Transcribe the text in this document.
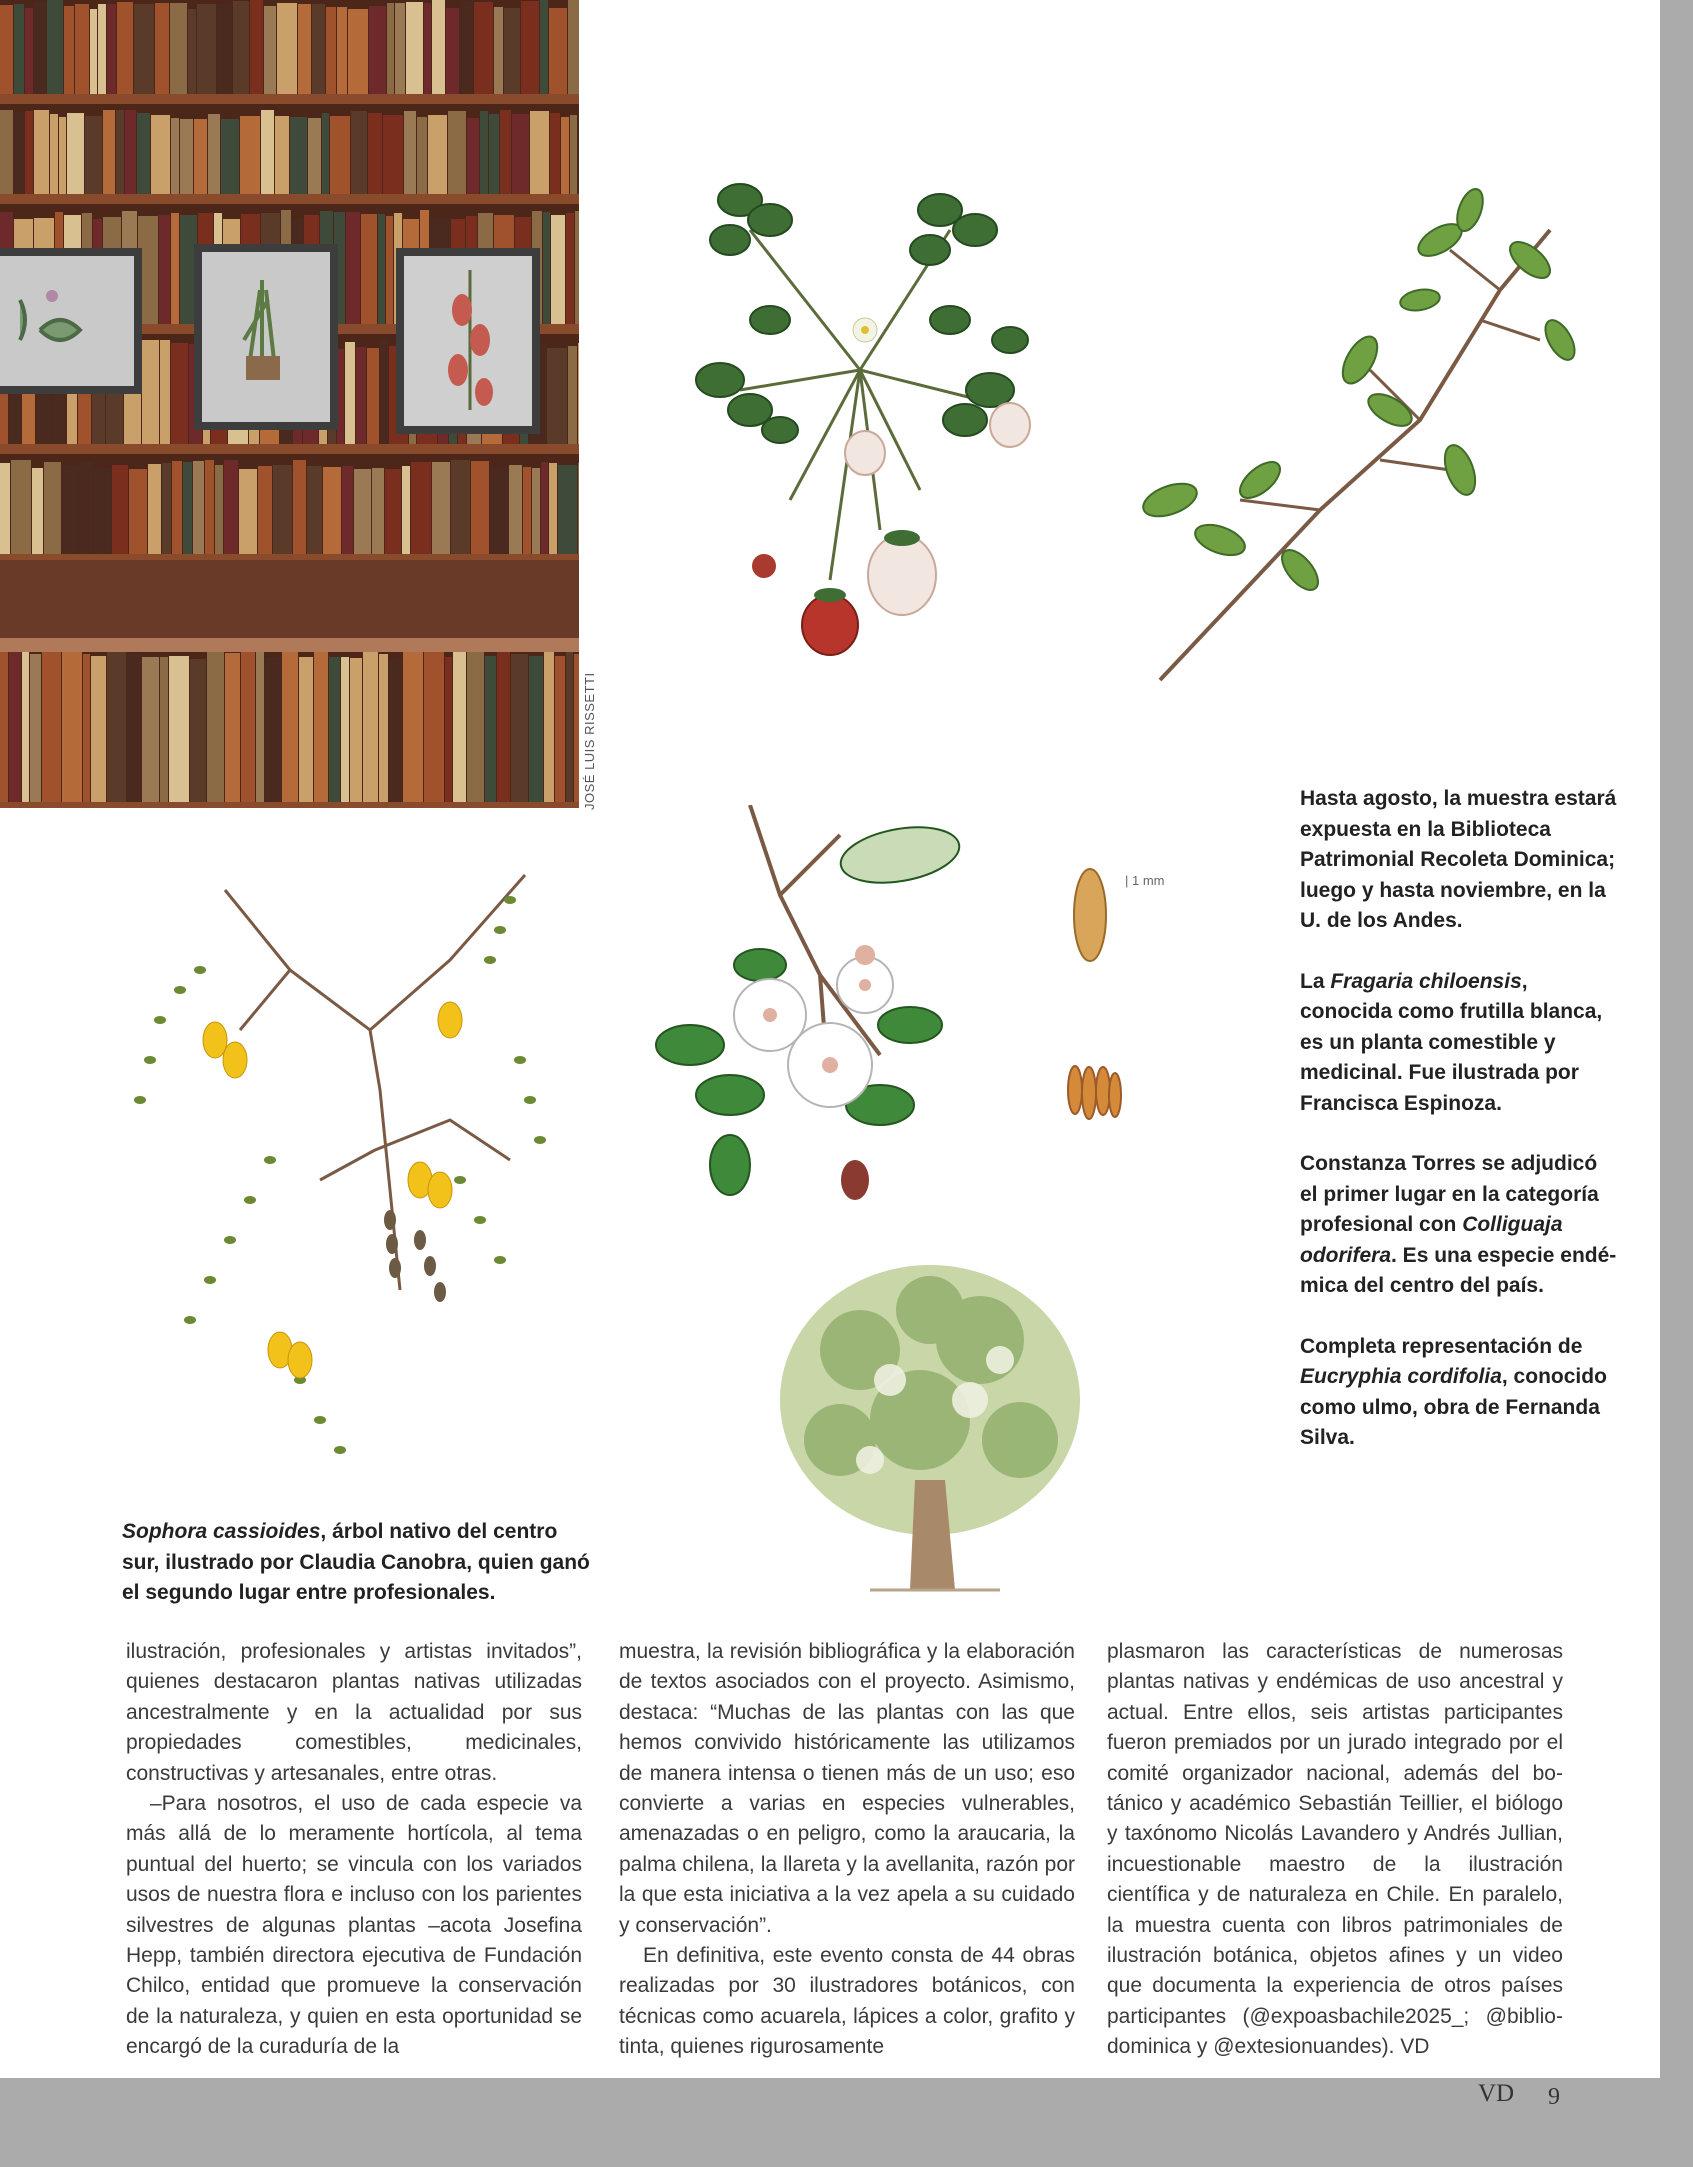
JOSÉ LUIS RISSETTI
| 1 mm

Sophora cassioides, árbol nativo del centro sur, ilustrado por Claudia Canobra, quien ganó el segundo lugar entre profesionales.

Hasta agosto, la muestra estará expuesta en la Biblioteca Patrimonial Recoleta Dominica; luego y hasta noviembre, en la U. de los Andes.

La Fragaria chiloensis, conocida como frutilla blanca, es un planta comestible y medicinal. Fue ilustrada por Francisca Espinoza.

Constanza Torres se adjudicó el primer lugar en la categoría profesional con Colliguaja odorifera. Es una especie endémica del centro del país.

Completa representación de Eucryphia cordifolia, conocido como ulmo, obra de Fernanda Silva.

ilustración, profesionales y artistas invitados”, quienes destacaron plantas nativas utilizadas ancestralmente y en la actualidad por sus propiedades comestibles, medicinales, constructivas y artesanales, entre otras.

–Para nosotros, el uso de cada especie va más allá de lo meramente hortícola, al tema puntual del huerto; se vincula con los variados usos de nuestra flora e incluso con los parientes silvestres de algunas plantas –acota Josefina Hepp, también directora ejecutiva de Fundación Chilco, entidad que promueve la conservación de la naturaleza, y quien en esta oportunidad se encargó de la curaduría de la

muestra, la revisión bibliográfica y la elaboración de textos asociados con el proyecto. Asimismo, destaca: “Muchas de las plantas con las que hemos convivido históricamente las utilizamos de manera intensa o tienen más de un uso; eso convierte a varias en especies vulnerables, amenazadas o en peligro, como la araucaria, la palma chilena, la llareta y la avellanita, razón por la que esta iniciativa a la vez apela a su cuidado y conservación”.

En definitiva, este evento consta de 44 obras realizadas por 30 ilustradores botánicos, con técnicas como acuarela, lápices a color, grafito y tinta, quienes rigurosamente

plasmaron las características de numerosas plantas nativas y endémicas de uso ancestral y actual. Entre ellos, seis artistas participantes fueron premiados por un jurado integrado por el comité organizador nacional, además del botánico y académico Sebastián Teillier, el biólogo y taxónomo Nicolás Lavandero y Andrés Jullian, incuestionable maestro de la ilustración científica y de naturaleza en Chile. En paralelo, la muestra cuenta con libros patrimoniales de ilustración botánica, objetos afines y un video que documenta la experiencia de otros países participantes (@expoasbachile2025_; @bibliodominica y @extesionuandes). VD

VD 9
